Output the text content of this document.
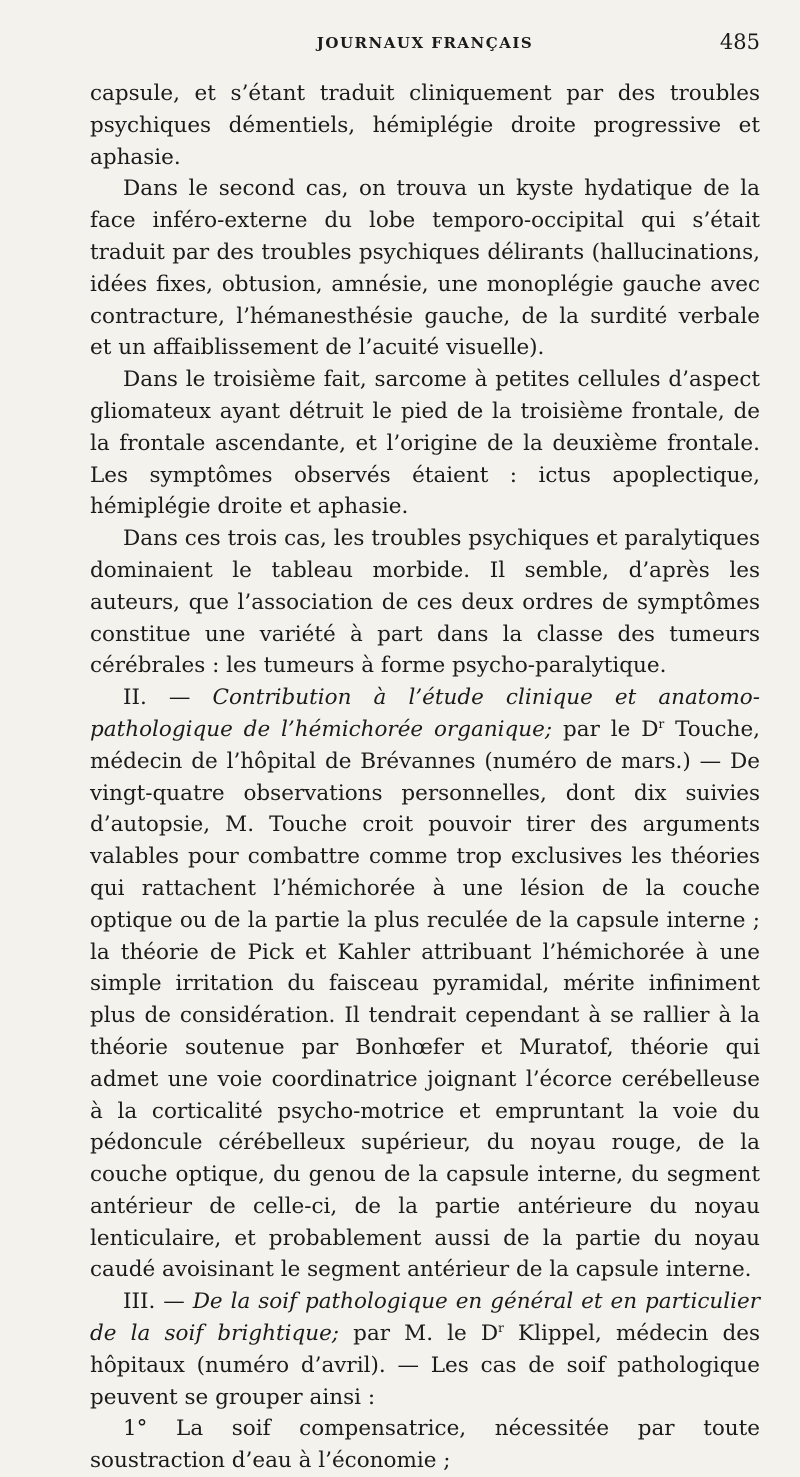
JOURNAUX FRANÇAIS	485

capsule, et s’étant traduit cliniquement par des troubles psychiques démentiels, hémiplégie droite progressive et aphasie.

Dans le second cas, on trouva un kyste hydatique de la face inféro-externe du lobe temporo-occipital qui s’était traduit par des troubles psychiques délirants (hallucinations, idées fixes, obtusion, amnésie, une monoplégie gauche avec contracture, l’hémanesthésie gauche, de la surdité verbale et un affaiblissement de l’acuité visuelle).

Dans le troisième fait, sarcome à petites cellules d’aspect gliomateux ayant détruit le pied de la troisième frontale, de la frontale ascendante, et l’origine de la deuxième frontale. Les symptômes observés étaient : ictus apoplectique, hémiplégie droite et aphasie.

Dans ces trois cas, les troubles psychiques et paralytiques dominaient le tableau morbide. Il semble, d’après les auteurs, que l’association de ces deux ordres de symptômes constitue une variété à part dans la classe des tumeurs cérébrales : les tumeurs à forme psycho-paralytique.

II. — Contribution à l’étude clinique et anatomo-pathologique de l’hémichorée organique; par le $D^r$ Touche, médecin de l’hôpital de Brévannes (numéro de mars.) — De vingt-quatre observations personnelles, dont dix suivies d’autopsie, M. Touche croit pouvoir tirer des arguments valables pour combattre comme trop exclusives les théories qui rattachent l’hémichorée à une lésion de la couche optique ou de la partie la plus reculée de la capsule interne ; la théorie de Pick et Kahler attribuant l’hémichorée à une simple irritation du faisceau pyramidal, mérite infiniment plus de considération. Il tendrait cependant à se rallier à la théorie soutenue par Bonhœfer et Muratof, théorie qui admet une voie coordinatrice joignant l’écorce cerébelleuse à la corticalité psycho-motrice et empruntant la voie du pédoncule cérébelleux supérieur, du noyau rouge, de la couche optique, du genou de la capsule interne, du segment antérieur de celle-ci, de la partie antérieure du noyau lenticulaire, et probablement aussi de la partie du noyau caudé avoisinant le segment antérieur de la capsule interne.

III. — De la soif pathologique en général et en particulier de la soif brightique; par M. le $D^r$ Klippel, médecin des hôpitaux (numéro d’avril). — Les cas de soif pathologique peuvent se grouper ainsi :

1° La soif compensatrice, nécessitée par toute soustraction d’eau à l’économie ;
